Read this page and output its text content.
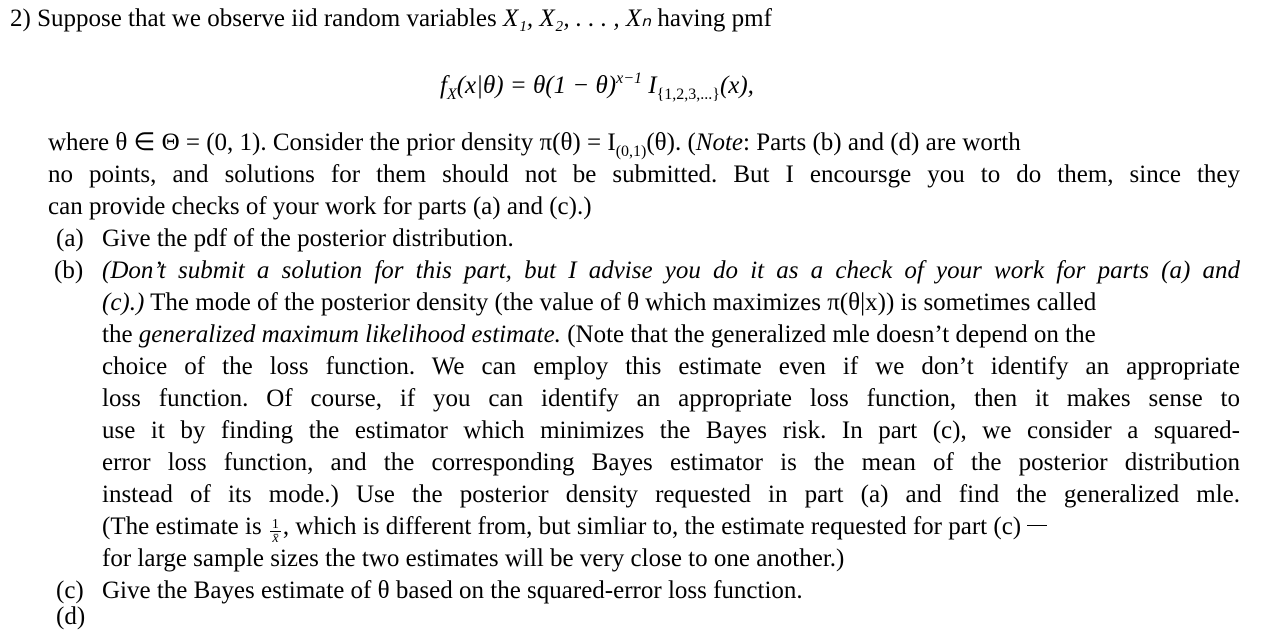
2) Suppose that we observe iid random variables X₁, X₂, . . . , Xₙ having pmf
$f_X(x|\theta) = \theta(1 - \theta)^{x-1}$ $I_{\{1,2,3,...\}}(x)$,
where θ ∈ Θ = (0, 1). Consider the prior density $\pi(\theta) = I_{(0,1)}(\theta)$. (Note: Parts (b) and (d) are worth
no points, and solutions for them should not be submitted. But I encoursge you to do them, since they
can provide checks of your work for parts (a) and (c).)
(a) Give the pdf of the posterior distribution.
(b) (Don’t submit a solution for this part, but I advise you do it as a check of your work for parts (a) and
(c).) The mode of the posterior density (the value of θ which maximizes π(θ|x)) is sometimes called
the generalized maximum likelihood estimate. (Note that the generalized mle doesn’t depend on the
choice of the loss function. We can employ this estimate even if we don’t identify an appropriate
loss function. Of course, if you can identify an appropriate loss function, then it makes sense to
use it by finding the estimator which minimizes the Bayes risk. In part (c), we consider a squared-
error loss function, and the corresponding Bayes estimator is the mean of the posterior distribution
instead of its mode.) Use the posterior density requested in part (a) and find the generalized mle.
(The estimate is $\frac{1}{x̄}$ , which is different from, but simliar to, the estimate requested for part (c)
for large sample sizes the two estimates will be very close to one another.)
(c) Give the Bayes estimate of θ based on the squared-error loss function.
(d)
